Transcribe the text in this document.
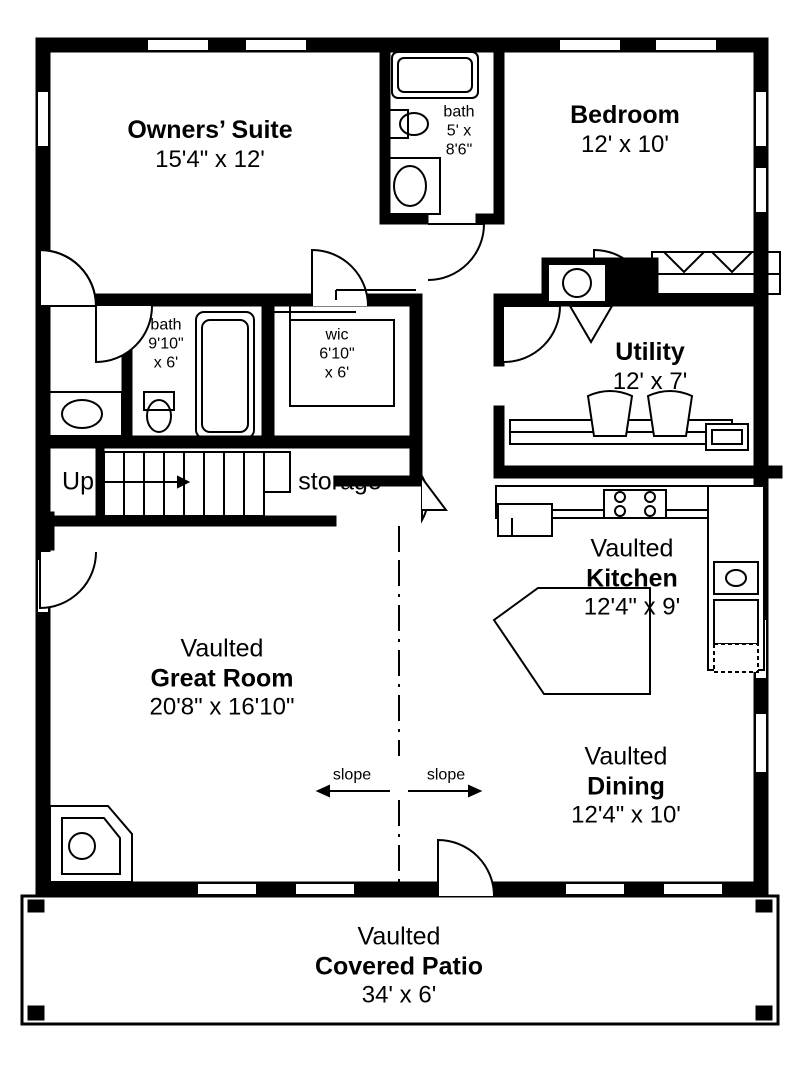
Owners’ Suite
15'4" x 12'
Bedroom
12' x 10'
bath
5' x
8'6"
bath
9'10"
x 6'
wic
6'10"
x 6'
Utility
12' x 7'
storage
Up
Vaulted
Great Room
20'8" x 16'10"
Vaulted
Kitchen
12'4" x 9'
Vaulted
Dining
12'4" x 10'
Vaulted
Covered Patio
34' x 6'
slope	slope
